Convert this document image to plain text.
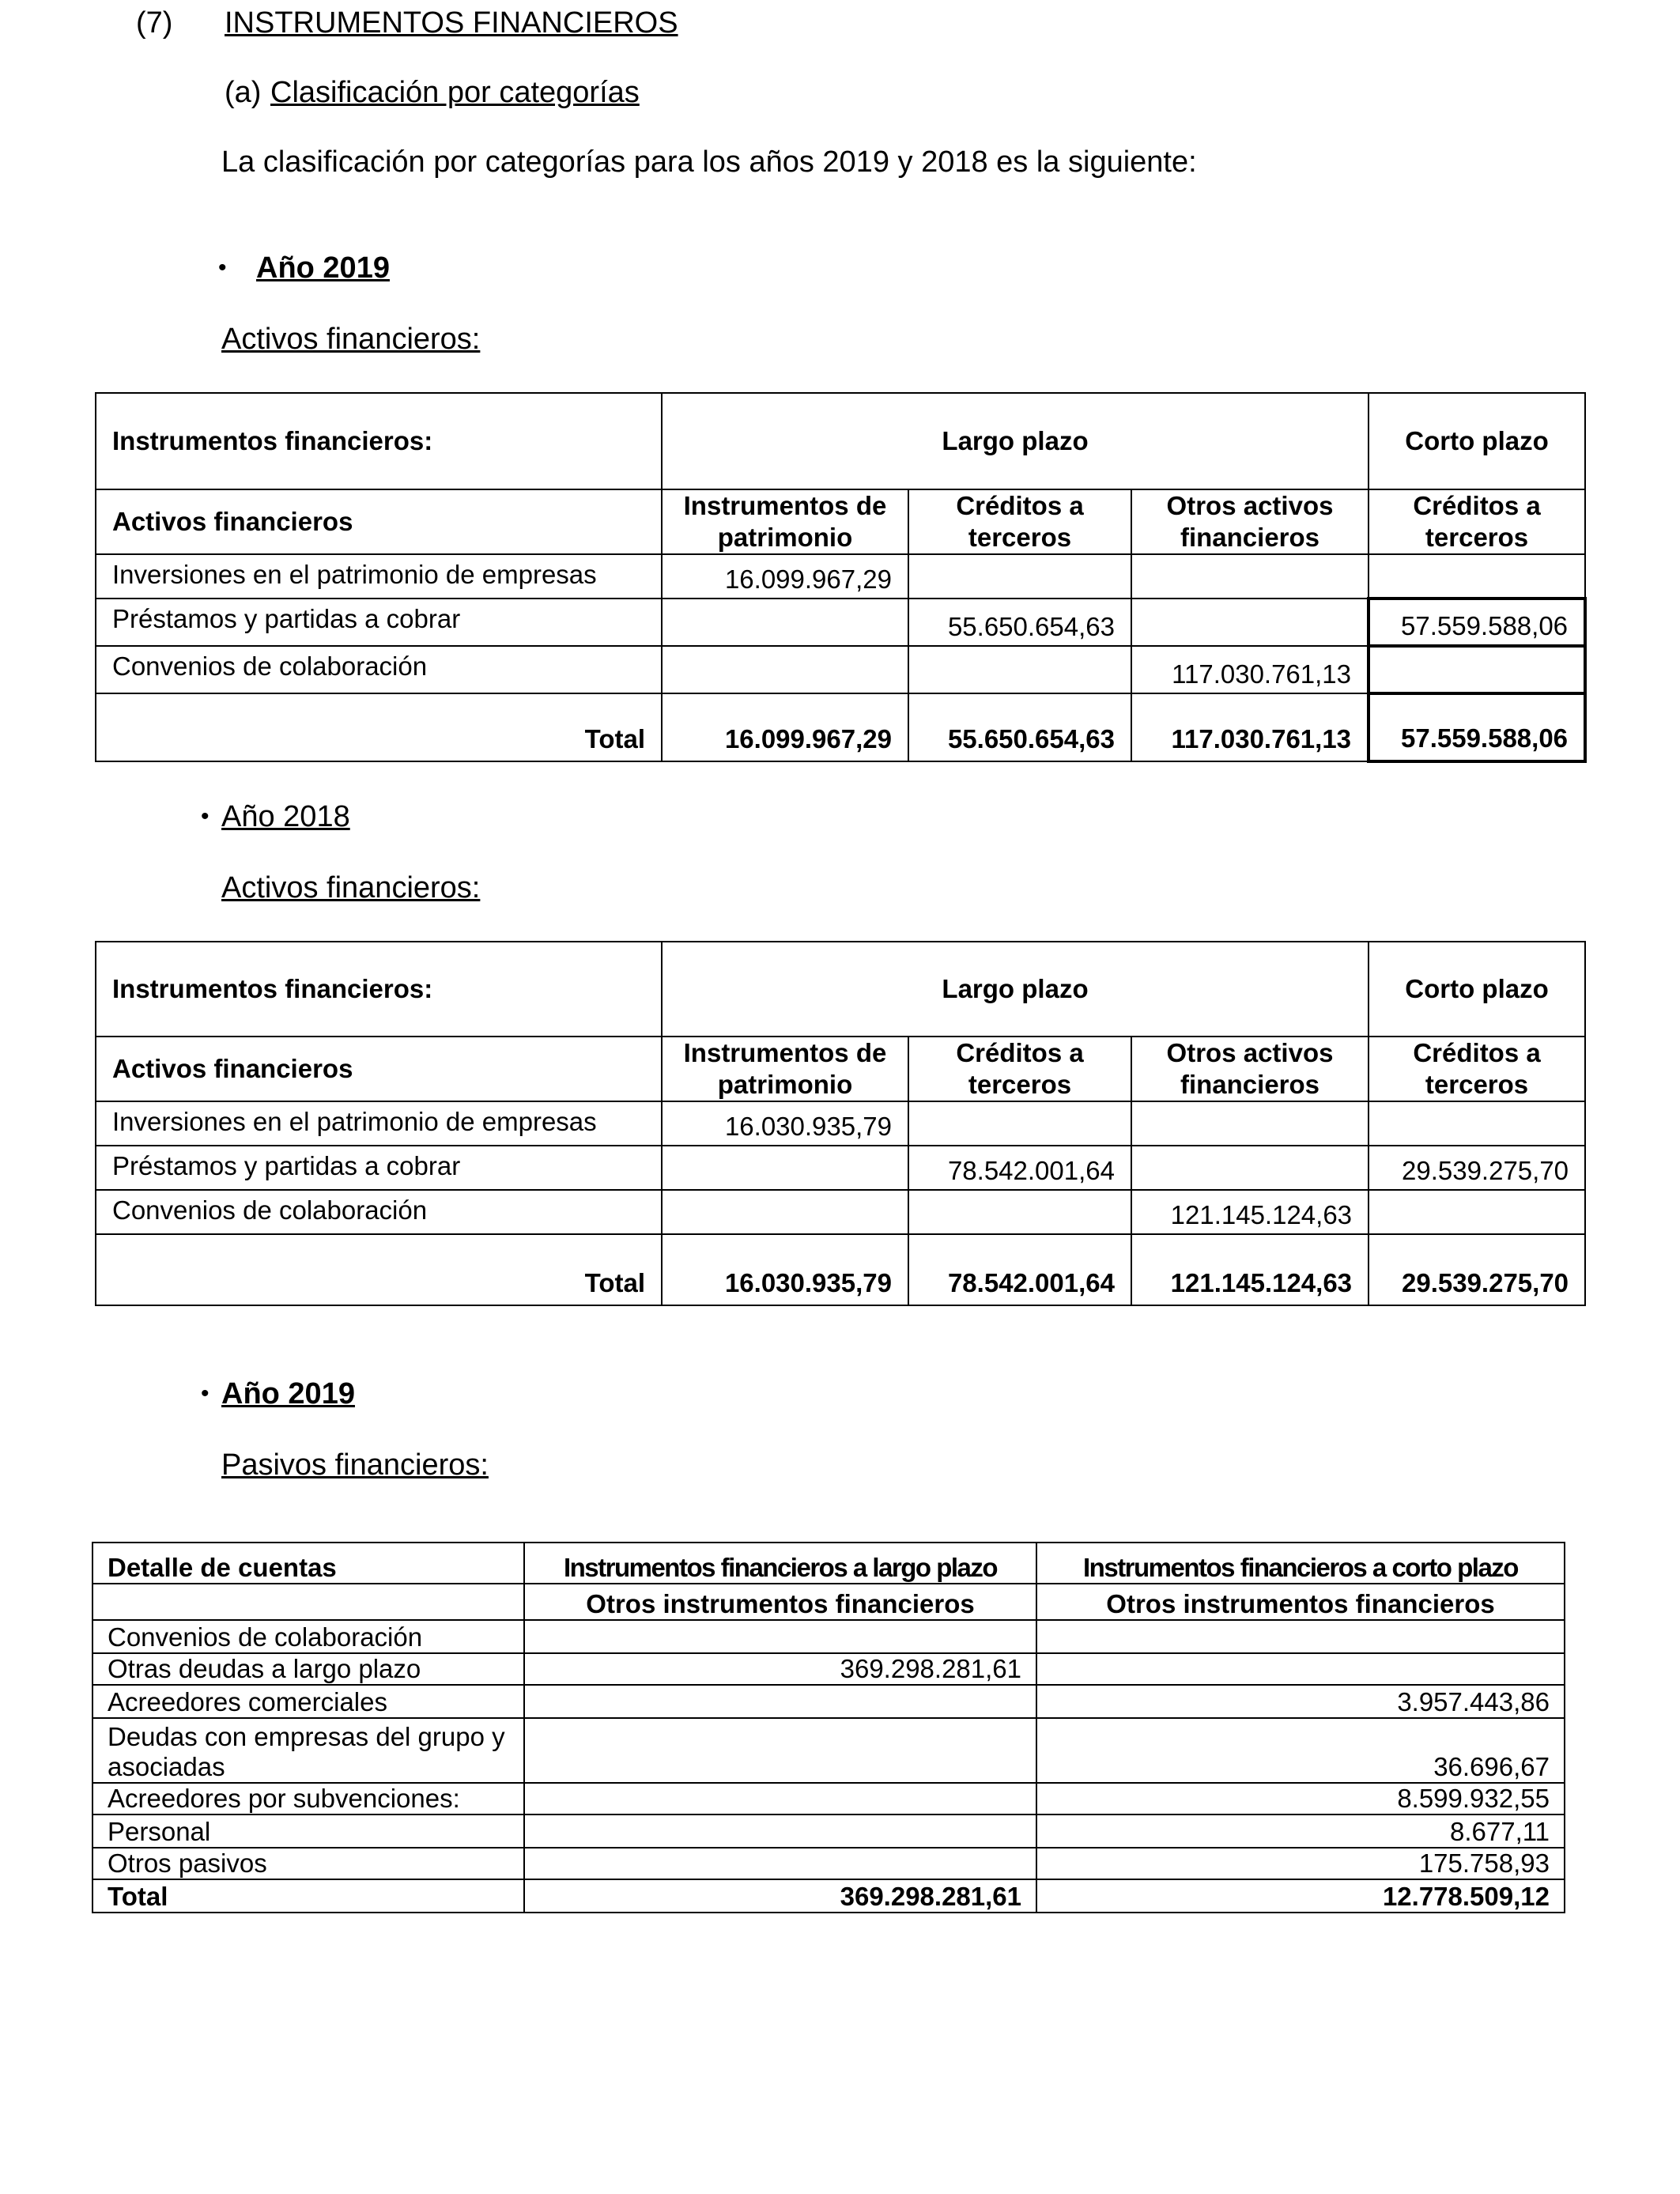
(7) INSTRUMENTOS FINANCIEROS
(a) Clasificación por categorías
La clasificación por categorías para los años 2019 y 2018 es la siguiente:
• Año 2019
Activos financieros:
Instrumentos financieros:	Largo plazo			Corto plazo
Activos financieros	Instrumentos de patrimonio	Créditos a terceros	Otros activos financieros	Créditos a terceros
Inversiones en el patrimonio de empresas	16.099.967,29			
Préstamos y partidas a cobrar		55.650.654,63		57.559.588,06
Convenios de colaboración			117.030.761,13	
Total	16.099.967,29	55.650.654,63	117.030.761,13	57.559.588,06
• Año 2018
Activos financieros:
Instrumentos financieros:	Largo plazo			Corto plazo
Activos financieros	Instrumentos de patrimonio	Créditos a terceros	Otros activos financieros	Créditos a terceros
Inversiones en el patrimonio de empresas	16.030.935,79			
Préstamos y partidas a cobrar		78.542.001,64		29.539.275,70
Convenios de colaboración			121.145.124,63	
Total	16.030.935,79	78.542.001,64	121.145.124,63	29.539.275,70
• Año 2019
Pasivos financieros:
Detalle de cuentas	Instrumentos financieros a largo plazo	Instrumentos financieros a corto plazo
	Otros instrumentos financieros	Otros instrumentos financieros
Convenios de colaboración		
Otras deudas a largo plazo	369.298.281,61	
Acreedores comerciales		3.957.443,86
Deudas con empresas del grupo y asociadas		36.696,67
Acreedores por subvenciones:		8.599.932,55
Personal		8.677,11
Otros pasivos		175.758,93
Total	369.298.281,61	12.778.509,12
